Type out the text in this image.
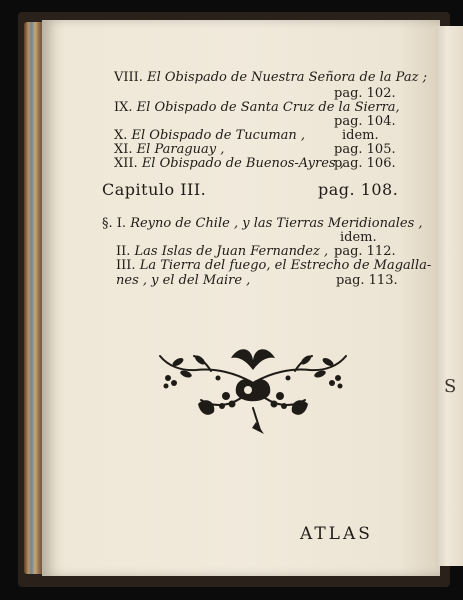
S
VIII. El Obispado de Nuestra Señora de la Paz ;
pag. 102.
IX. El Obispado de Santa Cruz de la Sierra,
pag. 104.
X. El Obispado de Tucuman ,	idem.
XI. El Paraguay ,	pag. 105.
XII. El Obispado de Buenos-Ayres ,
pag. 106.
Capitulo III.	pag. 108.
§. I. Reyno de Chile , y las Tierras Meridionales ,
idem.
II. Las Islas de Juan Fernandez , pag. 112.
III. La Tierra del fuego, el Estrecho de Magalla-
nes , y el del Maire ,	pag. 113.
ATLAS
